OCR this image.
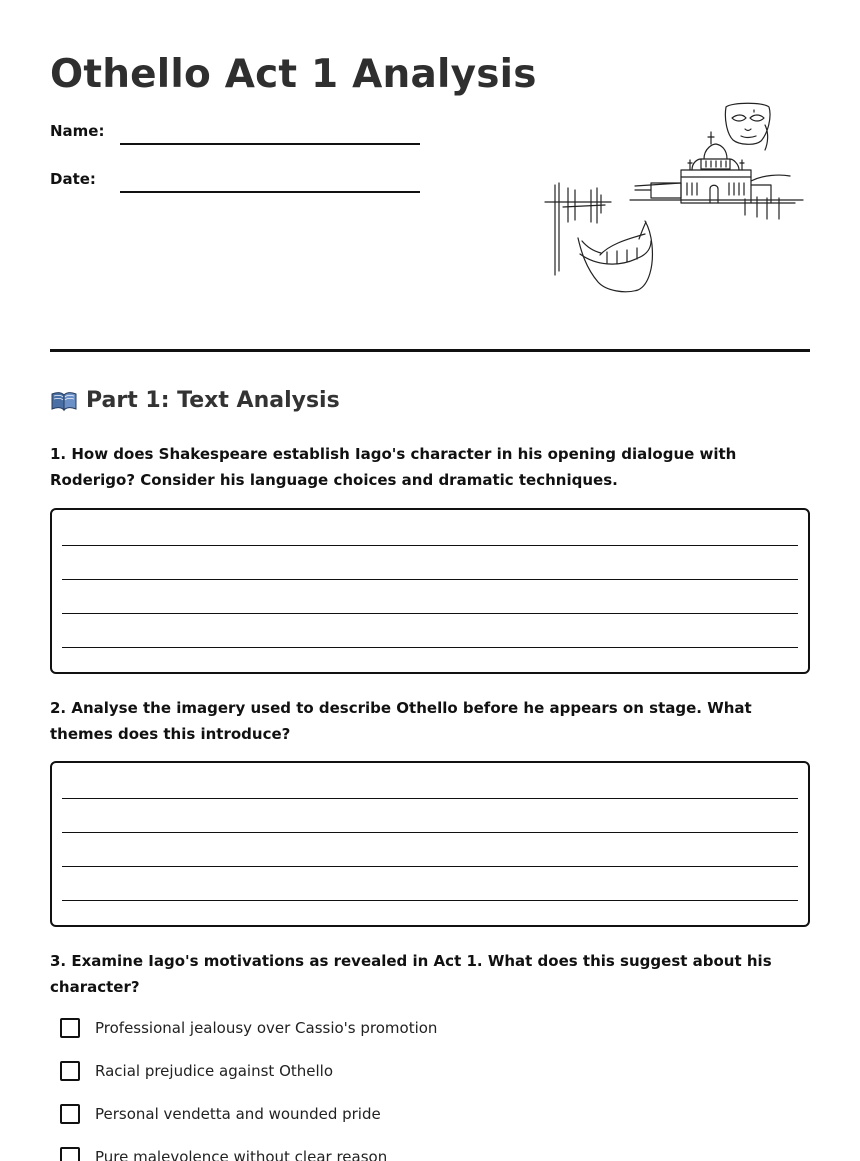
Othello Act 1 Analysis
Name:
Date:
Part 1: Text Analysis

1. How does Shakespeare establish Iago's character in his opening dialogue with Roderigo? Consider his language choices and dramatic techniques.

2. Analyse the imagery used to describe Othello before he appears on stage. What themes does this introduce?

3. Examine Iago's motivations as revealed in Act 1. What does this suggest about his character?

Professional jealousy over Cassio's promotion
Racial prejudice against Othello
Personal vendetta and wounded pride
Pure malevolence without clear reason
